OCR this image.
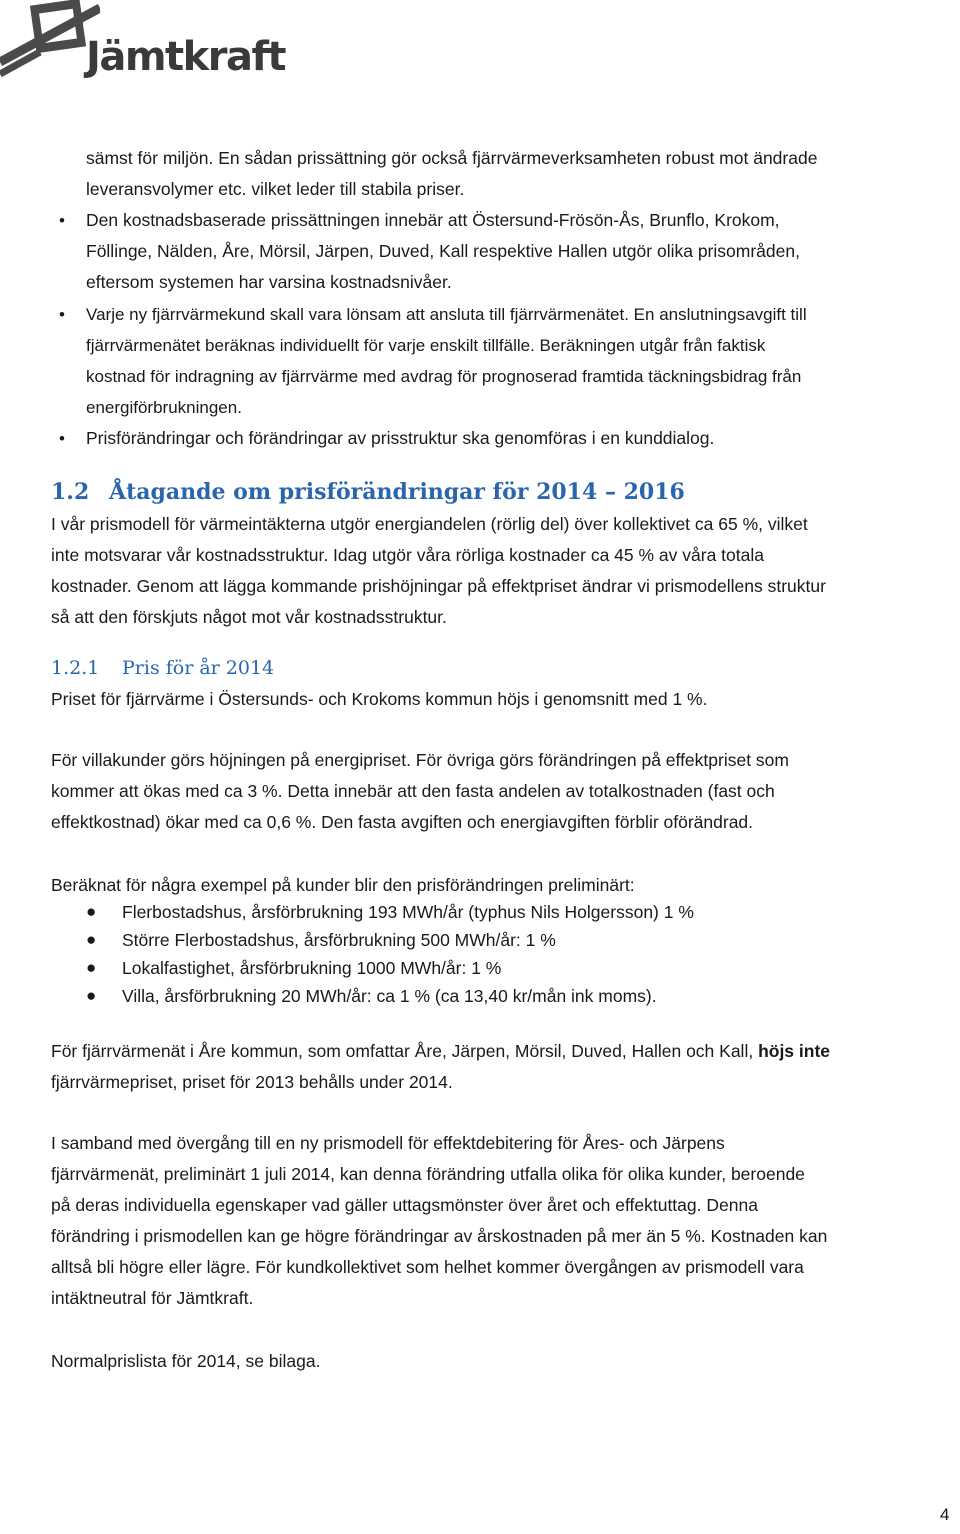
Jämtkraft
sämst för miljön. En sådan prissättning gör också fjärrvärmeverksamheten robust mot ändrade
leveransvolymer etc. vilket leder till stabila priser.
• Den kostnadsbaserade prissättningen innebär att Östersund-Frösön-Ås, Brunflo, Krokom,
Föllinge, Nälden, Åre, Mörsil, Järpen, Duved, Kall respektive Hallen utgör olika prisområden,
eftersom systemen har varsina kostnadsnivåer.
• Varje ny fjärrvärmekund skall vara lönsam att ansluta till fjärrvärmenätet. En anslutningsavgift till
fjärrvärmenätet beräknas individuellt för varje enskilt tillfälle. Beräkningen utgår från faktisk
kostnad för indragning av fjärrvärme med avdrag för prognoserad framtida täckningsbidrag från
energiförbrukningen.
• Prisförändringar och förändringar av prisstruktur ska genomföras i en kunddialog.
1.2 Åtagande om prisförändringar för 2014 – 2016
I vår prismodell för värmeintäkterna utgör energiandelen (rörlig del) över kollektivet ca 65 %, vilket
inte motsvarar vår kostnadsstruktur. Idag utgör våra rörliga kostnader ca 45 % av våra totala
kostnader. Genom att lägga kommande prishöjningar på effektpriset ändrar vi prismodellens struktur
så att den förskjuts något mot vår kostnadsstruktur.
1.2.1 Pris för år 2014
Priset för fjärrvärme i Östersunds- och Krokoms kommun höjs i genomsnitt med 1 %.
För villakunder görs höjningen på energipriset. För övriga görs förändringen på effektpriset som
kommer att ökas med ca 3 %. Detta innebär att den fasta andelen av totalkostnaden (fast och
effektkostnad) ökar med ca 0,6 %. Den fasta avgiften och energiavgiften förblir oförändrad.
Beräknat för några exempel på kunder blir den prisförändringen preliminärt:
● Flerbostadshus, årsförbrukning 193 MWh/år (typhus Nils Holgersson) 1 %
● Större Flerbostadshus, årsförbrukning 500 MWh/år: 1 %
● Lokalfastighet, årsförbrukning 1000 MWh/år: 1 %
● Villa, årsförbrukning 20 MWh/år: ca 1 % (ca 13,40 kr/mån ink moms).
För fjärrvärmenät i Åre kommun, som omfattar Åre, Järpen, Mörsil, Duved, Hallen och Kall, höjs inte
fjärrvärmepriset, priset för 2013 behålls under 2014.
I samband med övergång till en ny prismodell för effektdebitering för Åres- och Järpens
fjärrvärmenät, preliminärt 1 juli 2014, kan denna förändring utfalla olika för olika kunder, beroende
på deras individuella egenskaper vad gäller uttagsmönster över året och effektuttag. Denna
förändring i prismodellen kan ge högre förändringar av årskostnaden på mer än 5 %. Kostnaden kan
alltså bli högre eller lägre. För kundkollektivet som helhet kommer övergången av prismodell vara
intäktneutral för Jämtkraft.
Normalprislista för 2014, se bilaga.
4
